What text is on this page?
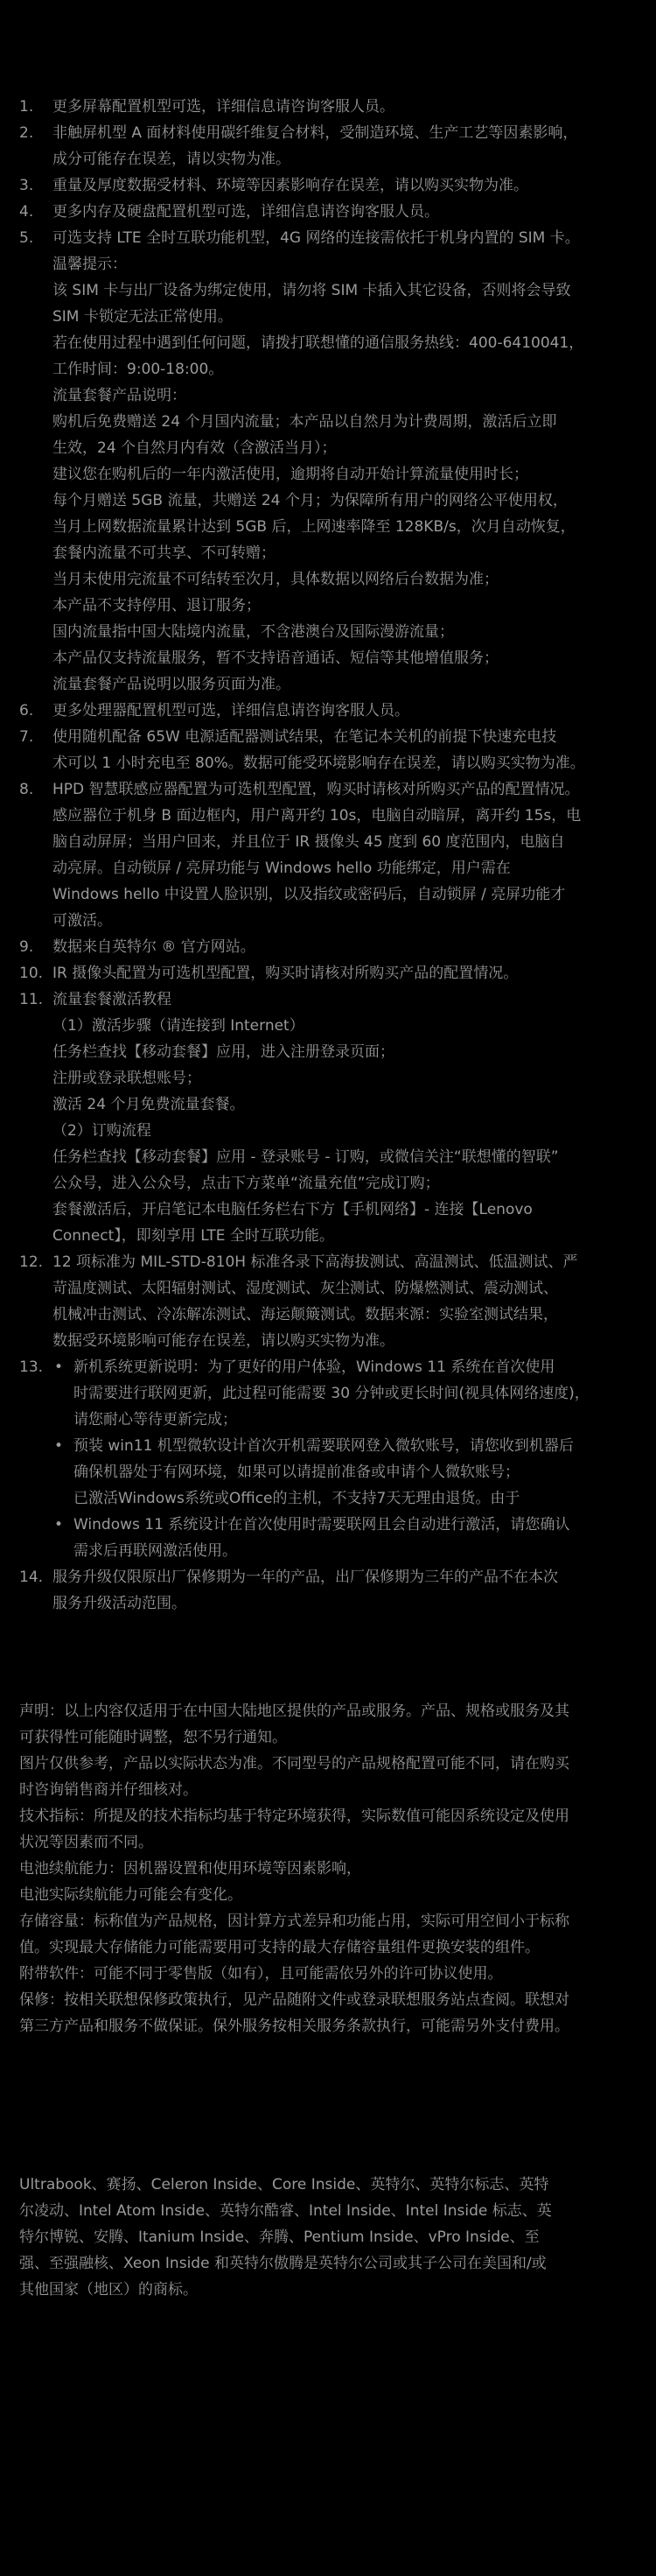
1.	更多屏幕配置机型可选，详细信息请咨询客服人员。
2.	非触屏机型 A 面材料使用碳纤维复合材料，受制造环境、生产工艺等因素影响，
成分可能存在误差，请以实物为准。
3.	重量及厚度数据受材料、环境等因素影响存在误差，请以购买实物为准。
4.	更多内存及硬盘配置机型可选，详细信息请咨询客服人员。
5.	可选支持 LTE 全时互联功能机型，4G 网络的连接需依托于机身内置的 SIM 卡。
温馨提示：
该 SIM 卡与出厂设备为绑定使用，请勿将 SIM 卡插入其它设备，否则将会导致
SIM 卡锁定无法正常使用。
若在使用过程中遇到任何问题，请拨打联想懂的通信服务热线：400-6410041，
工作时间：9:00-18:00。
流量套餐产品说明：
购机后免费赠送 24 个月国内流量；本产品以自然月为计费周期，激活后立即
生效，24 个自然月内有效（含激活当月）；
建议您在购机后的一年内激活使用，逾期将自动开始计算流量使用时长；
每个月赠送 5GB 流量，共赠送 24 个月；为保障所有用户的网络公平使用权，
当月上网数据流量累计达到 5GB 后，上网速率降至 128KB/s，次月自动恢复，
套餐内流量不可共享、不可转赠；
当月未使用完流量不可结转至次月，具体数据以网络后台数据为准；
本产品不支持停用、退订服务；
国内流量指中国大陆境内流量，不含港澳台及国际漫游流量；
本产品仅支持流量服务，暂不支持语音通话、短信等其他增值服务；
流量套餐产品说明以服务页面为准。
6.	更多处理器配置机型可选，详细信息请咨询客服人员。
7.	使用随机配备 65W 电源适配器测试结果，在笔记本关机的前提下快速充电技
术可以 1 小时充电至 80%。数据可能受环境影响存在误差，请以购买实物为准。
8.	HPD 智慧联感应器配置为可选机型配置，购买时请核对所购买产品的配置情况。
感应器位于机身 B 面边框内，用户离开约 10s，电脑自动暗屏，离开约 15s，电
脑自动屏屏；当用户回来，并且位于 IR 摄像头 45 度到 60 度范围内，电脑自
动亮屏。自动锁屏 / 亮屏功能与 Windows hello 功能绑定，用户需在
Windows hello 中设置人脸识别，以及指纹或密码后，自动锁屏 / 亮屏功能才
可激活。
9.	数据来自英特尔 ® 官方网站。
10. IR 摄像头配置为可选机型配置，购买时请核对所购买产品的配置情况。
11. 流量套餐激活教程
（1）激活步骤（请连接到 Internet）
任务栏查找【移动套餐】应用，进入注册登录页面；
注册或登录联想账号；
激活 24 个月免费流量套餐。
（2）订购流程
任务栏查找【移动套餐】应用 - 登录账号 - 订购，或微信关注“联想懂的智联”
公众号，进入公众号，点击下方菜单“流量充值”完成订购；
套餐激活后，开启笔记本电脑任务栏右下方【手机网络】- 连接【Lenovo
Connect】，即刻享用 LTE 全时互联功能。
12. 12 项标准为 MIL-STD-810H 标准各录下高海拔测试、高温测试、低温测试、严
苛温度测试、太阳辐射测试、湿度测试、灰尘测试、防爆燃测试、震动测试、
机械冲击测试、冷冻解冻测试、海运颠簸测试。数据来源：实验室测试结果，
数据受环境影响可能存在误差，请以购买实物为准。
13. • 新机系统更新说明：为了更好的用户体验，Windows 11 系统在首次使用
时需要进行联网更新，此过程可能需要 30 分钟或更长时间(视具体网络速度)，
请您耐心等待更新完成；
• 预装 win11 机型微软设计首次开机需要联网登入微软账号，请您收到机器后
确保机器处于有网环境，如果可以请提前准备或申请个人微软账号；
已激活Windows系统或Office的主机，不支持7天无理由退货。由于
• Windows 11 系统设计在首次使用时需要联网且会自动进行激活，请您确认
需求后再联网激活使用。
14. 服务升级仅限原出厂保修期为一年的产品，出厂保修期为三年的产品不在本次
服务升级活动范围。
声明：以上内容仅适用于在中国大陆地区提供的产品或服务。产品、规格或服务及其
可获得性可能随时调整，恕不另行通知。
图片仅供参考，产品以实际状态为准。不同型号的产品规格配置可能不同，请在购买
时咨询销售商并仔细核对。
技术指标：所提及的技术指标均基于特定环境获得，实际数值可能因系统设定及使用
状况等因素而不同。
电池续航能力：因机器设置和使用环境等因素影响，
电池实际续航能力可能会有变化。
存储容量：标称值为产品规格，因计算方式差异和功能占用，实际可用空间小于标称
值。实现最大存储能力可能需要用可支持的最大存储容量组件更换安装的组件。
附带软件：可能不同于零售版（如有），且可能需依另外的许可协议使用。
保修：按相关联想保修政策执行，见产品随附文件或登录联想服务站点查阅。联想对
第三方产品和服务不做保证。保外服务按相关服务条款执行，可能需另外支付费用。
Ultrabook、赛扬、Celeron Inside、Core Inside、英特尔、英特尔标志、英特
尔凌动、Intel Atom Inside、英特尔酷睿、Intel Inside、Intel Inside 标志、英
特尔博锐、安腾、Itanium Inside、奔腾、Pentium Inside、vPro Inside、至
强、至强融核、Xeon Inside 和英特尔傲腾是英特尔公司或其子公司在美国和/或
其他国家（地区）的商标。
